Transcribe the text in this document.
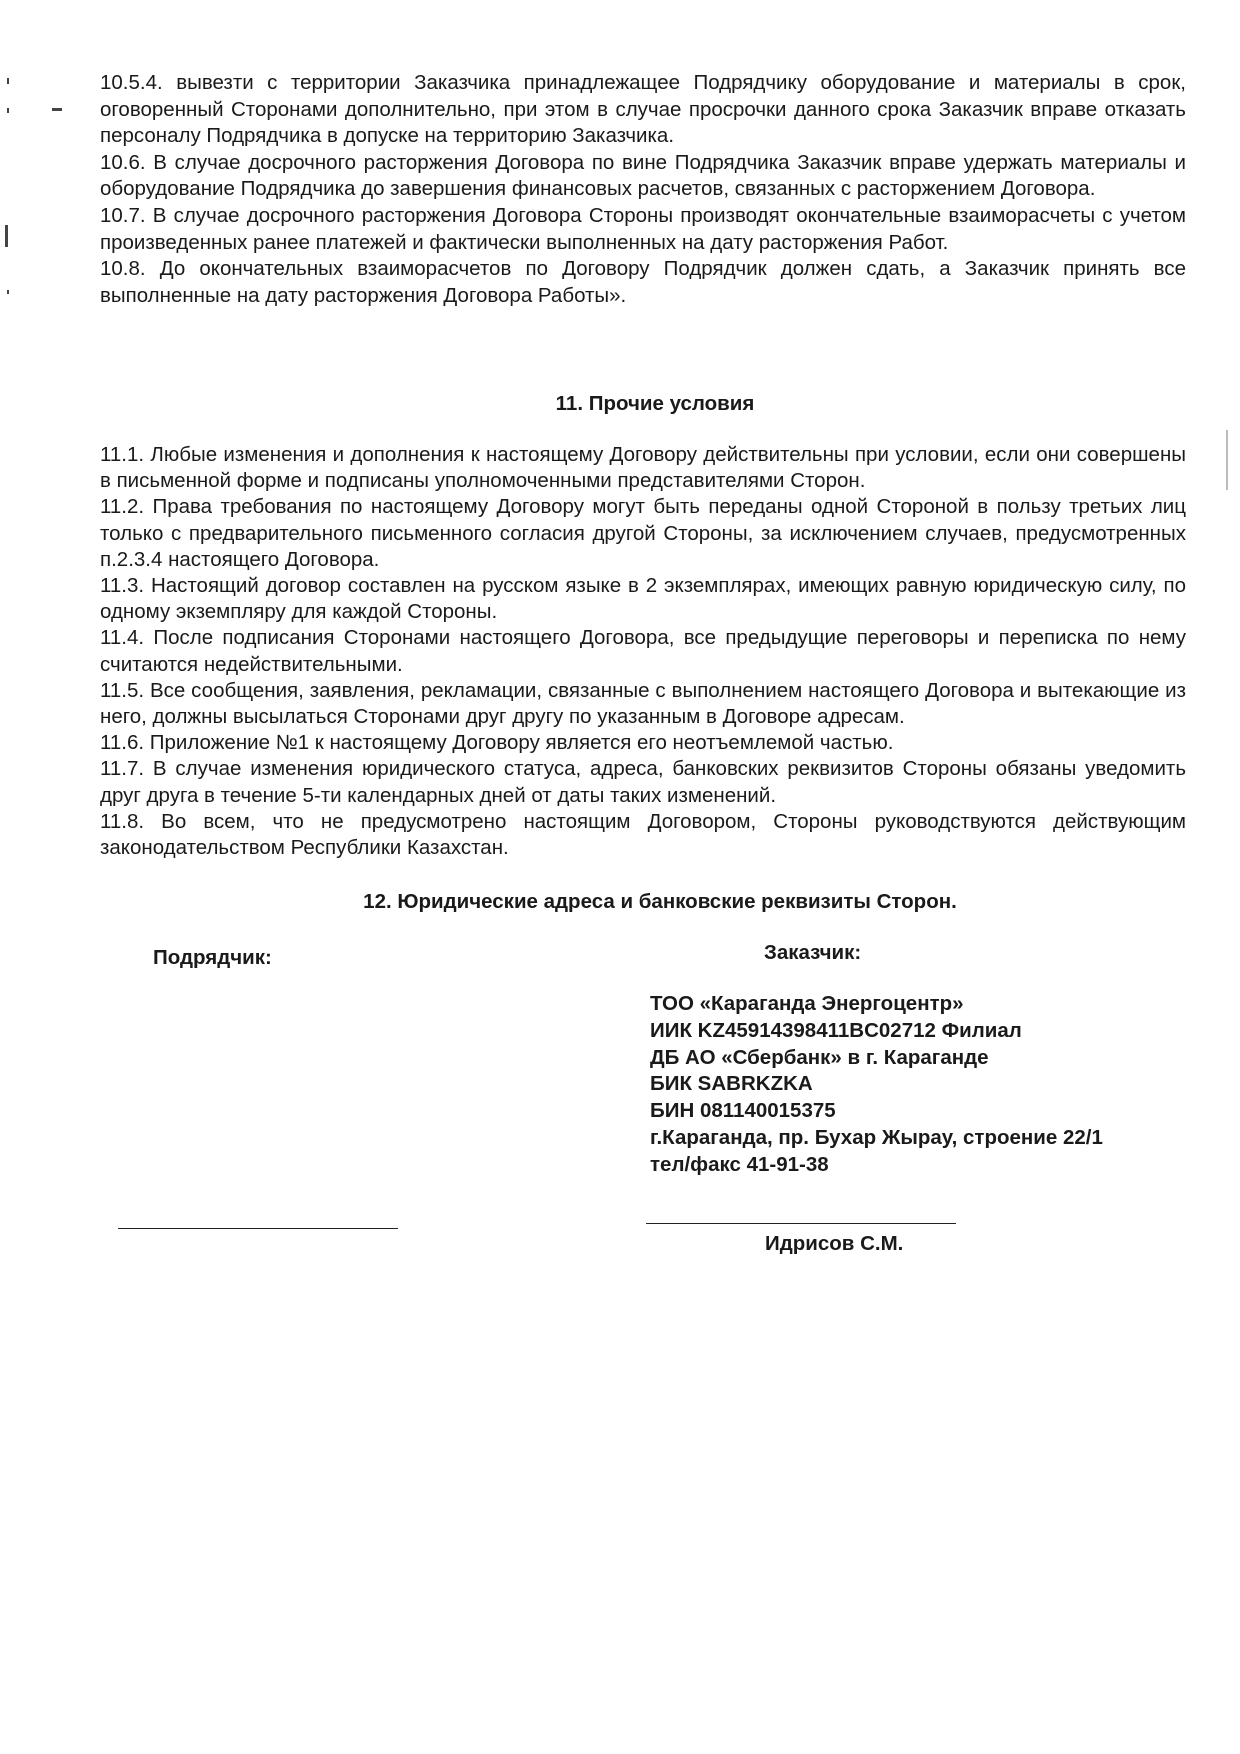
10.5.4. вывезти с территории Заказчика принадлежащее Подрядчику оборудование и материалы в срок, оговоренный Сторонами дополнительно, при этом в случае просрочки данного срока Заказчик вправе отказать персоналу Подрядчика в допуске на территорию Заказчика.

10.6. В случае досрочного расторжения Договора по вине Подрядчика Заказчик вправе удержать материалы и оборудование Подрядчика до завершения финансовых расчетов, связанных с расторжением Договора.

10.7. В случае досрочного расторжения Договора Стороны производят окончательные взаиморасчеты с учетом произведенных ранее платежей и фактически выполненных на дату расторжения Работ.

10.8. До окончательных взаиморасчетов по Договору Подрядчик должен сдать, а Заказчик принять все выполненные на дату расторжения Договора Работы».

11. Прочие условия

11.1. Любые изменения и дополнения к настоящему Договору действительны при условии, если они совершены в письменной форме и подписаны уполномоченными представителями Сторон.

11.2. Права требования по настоящему Договору могут быть переданы одной Стороной в пользу третьих лиц только с предварительного письменного согласия другой Стороны, за исключением случаев, предусмотренных п.2.3.4 настоящего Договора.

11.3. Настоящий договор составлен на русском языке в 2 экземплярах, имеющих равную юридическую силу, по одному экземпляру для каждой Стороны.

11.4. После подписания Сторонами настоящего Договора, все предыдущие переговоры и переписка по нему считаются недействительными.

11.5. Все сообщения, заявления, рекламации, связанные с выполнением настоящего Договора и вытекающие из него, должны высылаться Сторонами друг другу по указанным в Договоре адресам.

11.6. Приложение №1 к настоящему Договору является его неотъемлемой частью.

11.7. В случае изменения юридического статуса, адреса, банковских реквизитов Стороны обязаны уведомить друг друга в течение 5-ти календарных дней от даты таких изменений.

11.8. Во всем, что не предусмотрено настоящим Договором, Стороны руководствуются действующим законодательством Республики Казахстан.

12. Юридические адреса и банковские реквизиты Сторон.
Подрядчик:	Заказчик:
ТОО «Караганда Энергоцентр»
ИИК KZ45914398411BC02712 Филиал
ДБ АО «Сбербанк» в г. Караганде
БИК SABRKZKA
БИН 081140015375
г.Караганда, пр. Бухар Жырау, строение 22/1
тел/факс 41-91-38
Идрисов С.М.
